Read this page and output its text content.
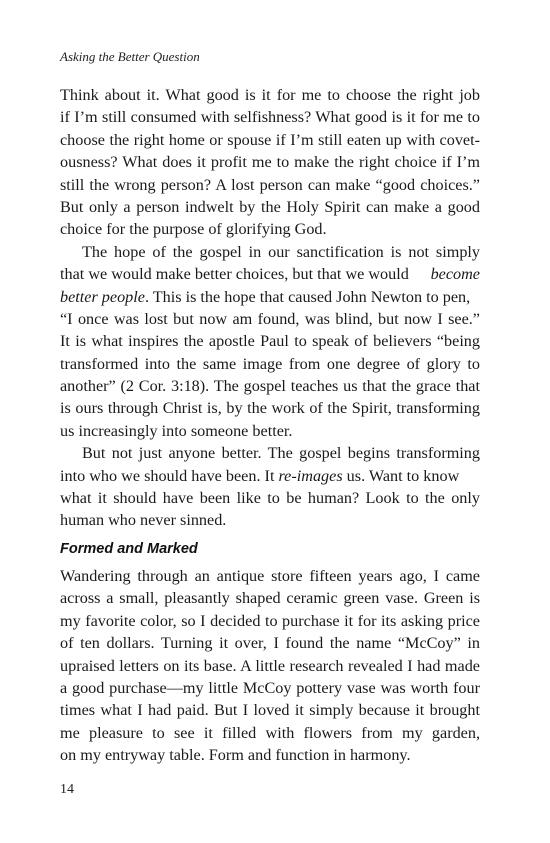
Asking the Better Question
Think about it. What good is it for me to choose the right job
if I’m still consumed with selfishness? What good is it for me to
choose the right home or spouse if I’m still eaten up with covet-
ousness? What does it profit me to make the right choice if I’m
still the wrong person? A lost person can make “good choices.”
But only a person indwelt by the Holy Spirit can make a good
choice for the purpose of glorifying God.
The hope of the gospel in our sanctification is not simply
that we would make better choices, but that we would become
better people. This is the hope that caused John Newton to pen,
“I once was lost but now am found, was blind, but now I see.”
It is what inspires the apostle Paul to speak of believers “being
transformed into the same image from one degree of glory to
another” (2 Cor. 3:18). The gospel teaches us that the grace that
is ours through Christ is, by the work of the Spirit, transforming
us increasingly into someone better.
But not just anyone better. The gospel begins transforming
into who we should have been. It re-images us. Want to know
what it should have been like to be human? Look to the only
human who never sinned.
Formed and Marked
Wandering through an antique store fifteen years ago, I came
across a small, pleasantly shaped ceramic green vase. Green is
my favorite color, so I decided to purchase it for its asking price
of ten dollars. Turning it over, I found the name “McCoy” in
upraised letters on its base. A little research revealed I had made
a good purchase—my little McCoy pottery vase was worth four
times what I had paid. But I loved it simply because it brought
me pleasure to see it filled with flowers from my garden,
on my entryway table. Form and function in harmony.
14
